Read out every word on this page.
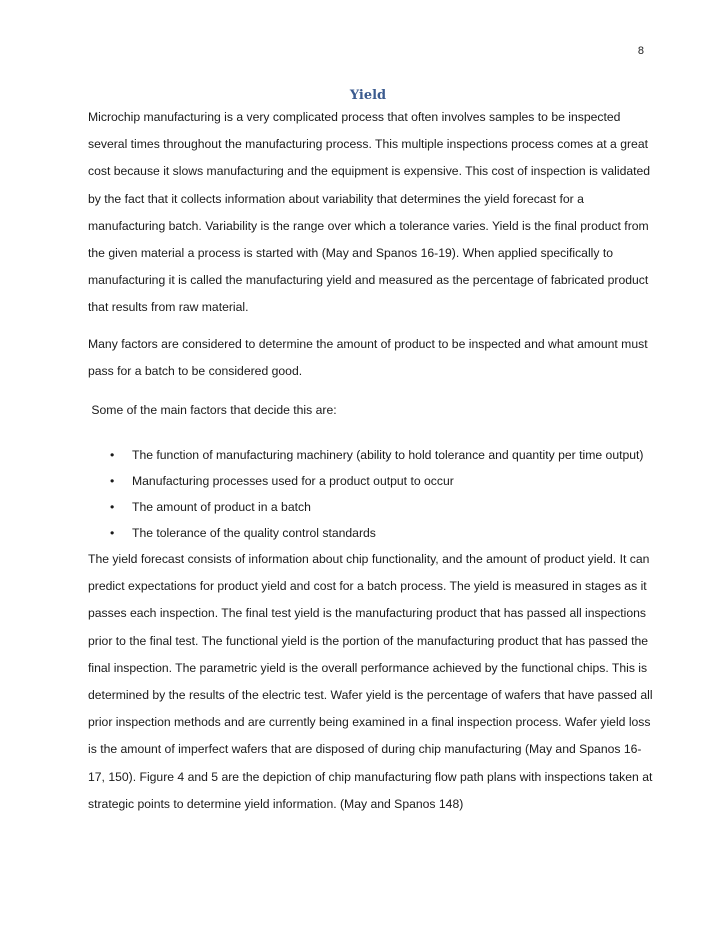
8
Yield

Microchip manufacturing is a very complicated process that often involves samples to be inspected
several times throughout the manufacturing process. This multiple inspections process comes at a great
cost because it slows manufacturing and the equipment is expensive. This cost of inspection is validated
by the fact that it collects information about variability that determines the yield forecast for a
manufacturing batch. Variability is the range over which a tolerance varies. Yield is the final product from
the given material a process is started with (May and Spanos 16-19). When applied specifically to
manufacturing it is called the manufacturing yield and measured as the percentage of fabricated product
that results from raw material.

Many factors are considered to determine the amount of product to be inspected and what amount must
pass for a batch to be considered good.

Some of the main factors that decide this are:

• The function of manufacturing machinery (ability to hold tolerance and quantity per time output)
• Manufacturing processes used for a product output to occur
• The amount of product in a batch
• The tolerance of the quality control standards

The yield forecast consists of information about chip functionality, and the amount of product yield. It can
predict expectations for product yield and cost for a batch process. The yield is measured in stages as it
passes each inspection. The final test yield is the manufacturing product that has passed all inspections
prior to the final test. The functional yield is the portion of the manufacturing product that has passed the
final inspection. The parametric yield is the overall performance achieved by the functional chips. This is
determined by the results of the electric test. Wafer yield is the percentage of wafers that have passed all
prior inspection methods and are currently being examined in a final inspection process. Wafer yield loss
is the amount of imperfect wafers that are disposed of during chip manufacturing (May and Spanos 16-
17, 150). Figure 4 and 5 are the depiction of chip manufacturing flow path plans with inspections taken at
strategic points to determine yield information. (May and Spanos 148)
